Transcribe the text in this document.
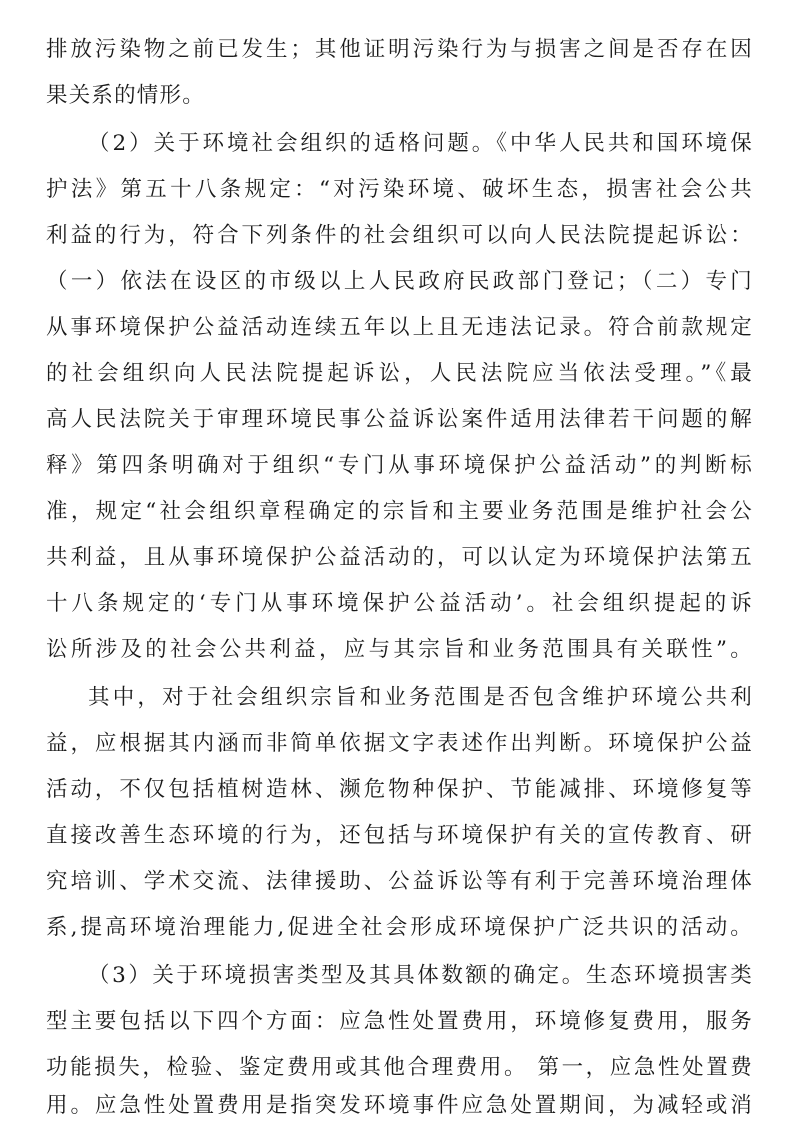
排放污染物之前已发生；其他证明污染行为与损害之间是否存在因
果关系的情形。
（2）关于环境社会组织的适格问题。《中华人民共和国环境保
护法》第五十八条规定：“对污染环境、破坏生态，损害社会公共
利益的行为，符合下列条件的社会组织可以向人民法院提起诉讼：
（一）依法在设区的市级以上人民政府民政部门登记；（二）专门
从事环境保护公益活动连续五年以上且无违法记录。符合前款规定
的社会组织向人民法院提起诉讼，人民法院应当依法受理。”《最
高人民法院关于审理环境民事公益诉讼案件适用法律若干问题的解
释》第四条明确对于组织“专门从事环境保护公益活动”的判断标
准，规定“社会组织章程确定的宗旨和主要业务范围是维护社会公
共利益，且从事环境保护公益活动的，可以认定为环境保护法第五
十八条规定的‘专门从事环境保护公益活动’。社会组织提起的诉
讼所涉及的社会公共利益，应与其宗旨和业务范围具有关联性”。
其中，对于社会组织宗旨和业务范围是否包含维护环境公共利
益，应根据其内涵而非简单依据文字表述作出判断。环境保护公益
活动，不仅包括植树造林、濒危物种保护、节能减排、环境修复等
直接改善生态环境的行为，还包括与环境保护有关的宣传教育、研
究培训、学术交流、法律援助、公益诉讼等有利于完善环境治理体
系,提高环境治理能力,促进全社会形成环境保护广泛共识的活动。
（3）关于环境损害类型及其具体数额的确定。生态环境损害类
型主要包括以下四个方面：应急性处置费用，环境修复费用，服务
功能损失，检验、鉴定费用或其他合理费用。 第一，应急性处置费
用。应急性处置费用是指突发环境事件应急处置期间，为减轻或消
